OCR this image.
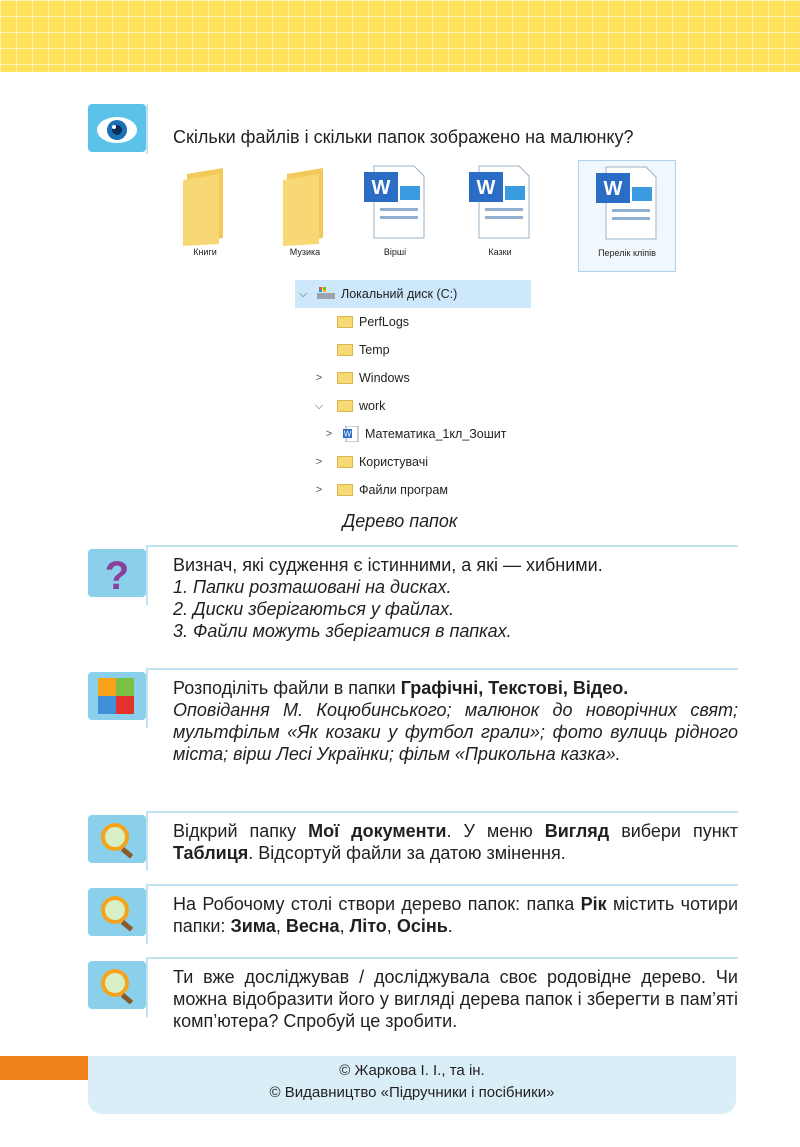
Скільки файлів і скільки папок зображено на малюнку?

Книги	Музика
W
Вірші
W
Казки
W
Перелік кліпів
⌵	Локальний диск (C:)
PerfLogs
Temp
>	Windows
⌵	work
>	W Математика_1кл_Зошит
>	Користувачі
>	Файли програм
Дерево папок
? Визнач, які судження є істинними, а які — хибними.

1. Папки розташовані на дисках.

2. Диски зберігаються у файлах.

3. Файли можуть зберігатися в папках.

Розподіліть файли в папки Графічні, Текстові, Відео.

Оповідання М. Коцюбинського; малюнок до новорічних свят; мультфільм «Як козаки у футбол грали»; фото вулиць рідного міста; вірш Лесі Українки; фільм «Прикольна казка».

Відкрий папку Мої документи. У меню Вигляд вибери пункт Таблиця. Відсортуй файли за датою змінення.

На Робочому столі створи дерево папок: папка Рік містить чотири папки: Зима, Весна, Літо, Осінь.

Ти вже досліджував / досліджувала своє родовідне дерево. Чи можна відобразити його у вигляді дерева папок і зберегти в пам’яті комп’ютера? Спробуй це зробити.

© Жаркова І. І., та ін.
© Видавництво «Підручники і посібники»
